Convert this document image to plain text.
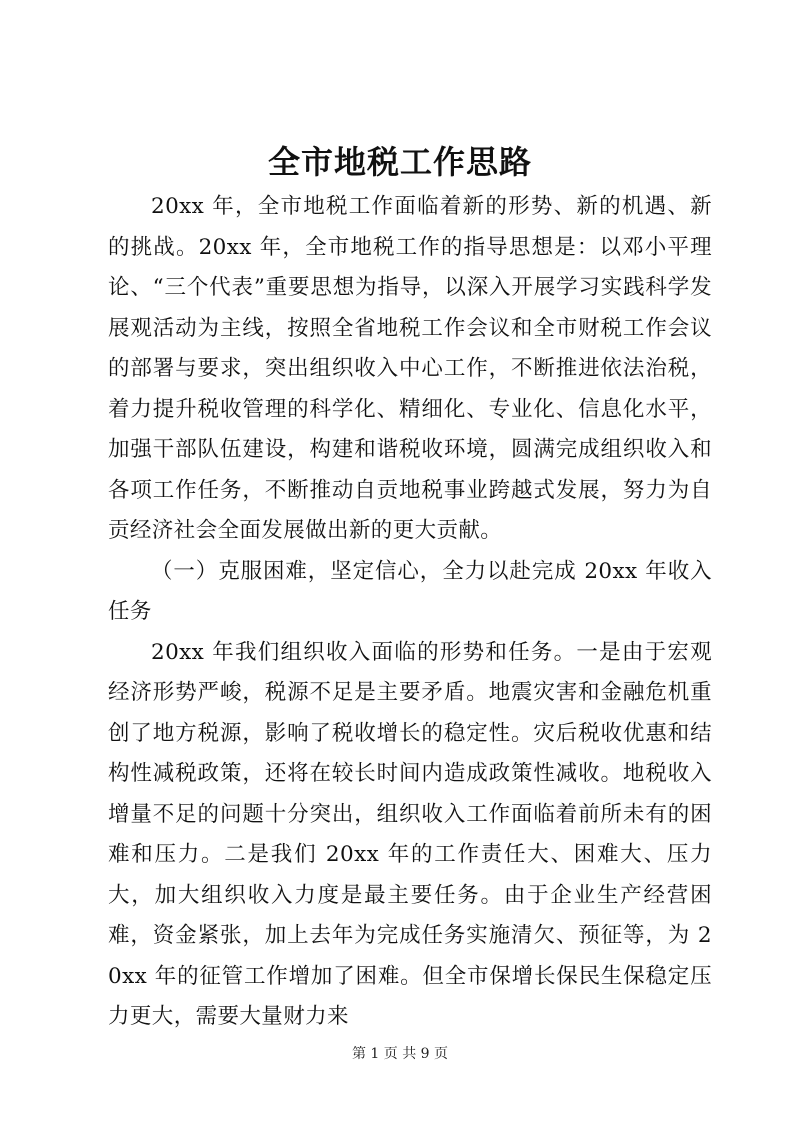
全市地税工作思路

20xx 年，全市地税工作面临着新的形势、新的机遇、新的挑战。20xx 年，全市地税工作的指导思想是：以邓小平理论、“三个代表”重要思想为指导，以深入开展学习实践科学发展观活动为主线，按照全省地税工作会议和全市财税工作会议的部署与要求，突出组织收入中心工作，不断推进依法治税，着力提升税收管理的科学化、精细化、专业化、信息化水平，加强干部队伍建设，构建和谐税收环境，圆满完成组织收入和各项工作任务，不断推动自贡地税事业跨越式发展，努力为自贡经济社会全面发展做出新的更大贡献。

（一）克服困难，坚定信心，全力以赴完成 20xx 年收入任务

20xx 年我们组织收入面临的形势和任务。一是由于宏观经济形势严峻，税源不足是主要矛盾。地震灾害和金融危机重创了地方税源，影响了税收增长的稳定性。灾后税收优惠和结构性减税政策，还将在较长时间内造成政策性减收。地税收入增量不足的问题十分突出，组织收入工作面临着前所未有的困难和压力。二是我们 20xx 年的工作责任大、困难大、压力大，加大组织收入力度是最主要任务。由于企业生产经营困难，资金紧张，加上去年为完成任务实施清欠、预征等，为 20xx 年的征管工作增加了困难。但全市保增长保民生保稳定压力更大，需要大量财力来

第 1 页 共 9 页
